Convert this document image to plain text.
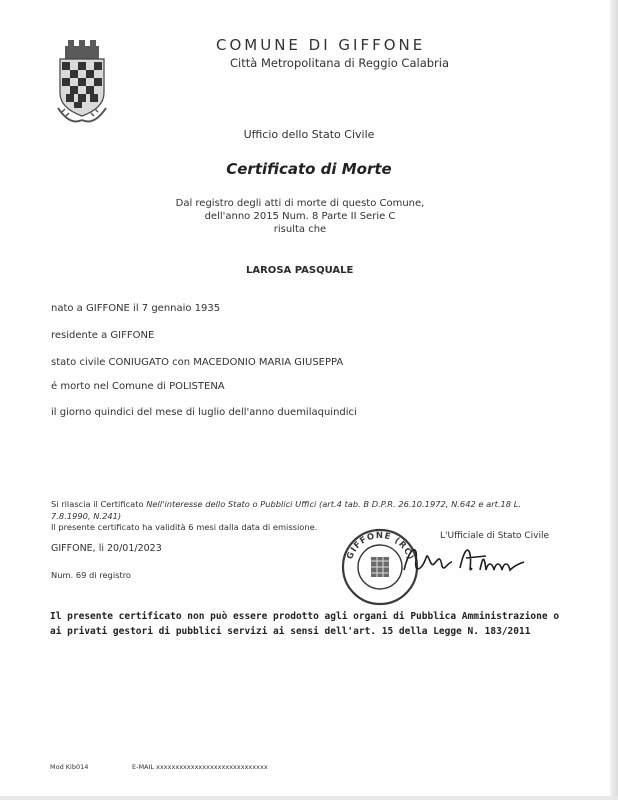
COMUNE DI GIFFONE
Città Metropolitana di Reggio Calabria
Ufficio dello Stato Civile
Certificato di Morte
Dal registro degli atti di morte di questo Comune,
dell'anno 2015 Num. 8 Parte II Serie C
risulta che
LAROSA PASQUALE
nato a GIFFONE il 7 gennaio 1935
residente a GIFFONE
stato civile CONIUGATO con MACEDONIO MARIA GIUSEPPA
é morto nel Comune di POLISTENA
il giorno quindici del mese di luglio dell'anno duemilaquindici
Si rilascia il Certificato Nell'interesse dello Stato o Pubblici Uffici (art.4 tab. B D.P.R. 26.10.1972, N.642 e art.18 L. 7.8.1990, N.241)
Il presente certificato ha validità 6 mesi dalla data di emissione.
GIFFONE, li 20/01/2023
Num. 69 di registro
GIFFONE (RC)
L'Ufficiale di Stato Civile
Il presente certificato non può essere prodotto agli organi di Pubblica Amministrazione o ai privati gestori di pubblici servizi ai sensi dell'art. 15 della Legge N. 183/2011
Mod Kib014	E-MAIL xxxxxxxxxxxxxxxxxxxxxxxxxxxxx
